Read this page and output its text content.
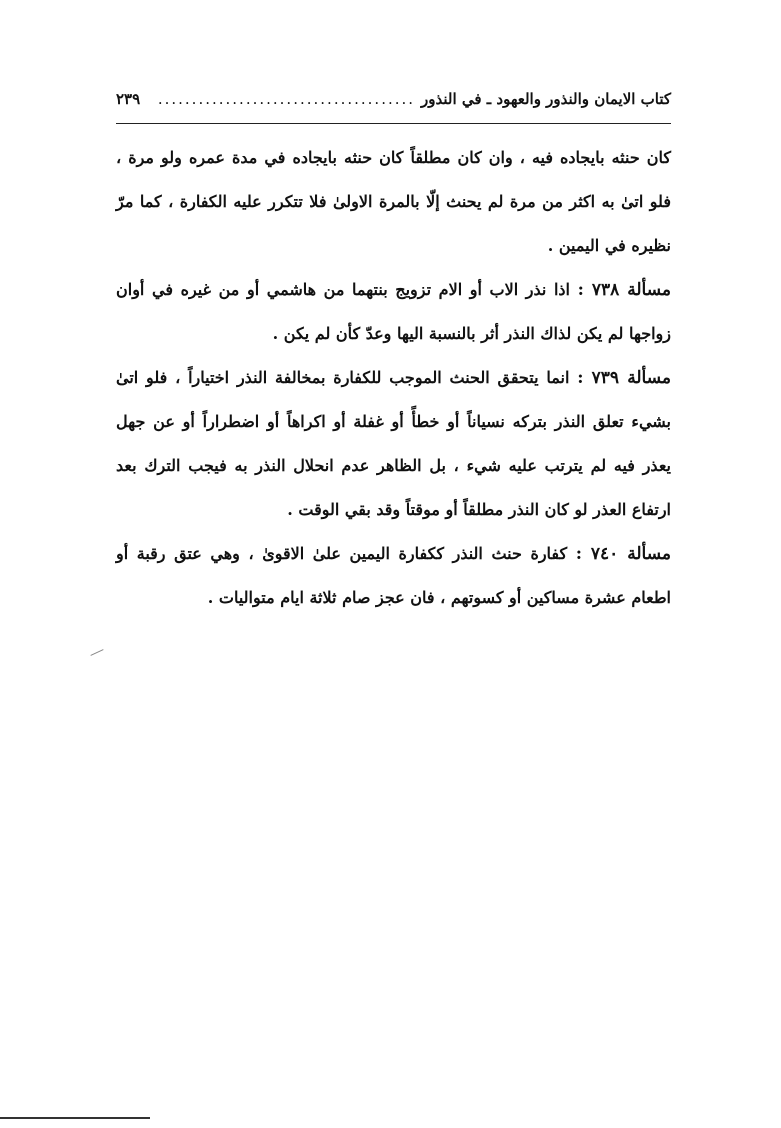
كتاب الايمان والنذور والعهود ـ في النذور
......................................
٢٣٩

كان حنثه بايجاده فيه ، وان كان مطلقاً كان حنثه بايجاده في مدة عمره ولو مرة ، فلو اتىٰ به اكثر من مرة لم يحنث إلّا بالمرة الاولىٰ فلا تتكرر عليه الكفارة ، كما مرّ نظيره في اليمين .

مسألة ٧٣٨ : اذا نذر الاب أو الام تزويج بنتهما من هاشمي أو من غيره في أوان زواجها لم يكن لذاك النذر أثر بالنسبة اليها وعدّ كأن لم يكن .

مسألة ٧٣٩ : انما يتحقق الحنث الموجب للكفارة بمخالفة النذر اختياراً ، فلو اتىٰ بشيء تعلق النذر بتركه نسياناً أو خطأً أو غفلة أو اكراهاً أو اضطراراً أو عن جهل يعذر فيه لم يترتب عليه شيء ، بل الظاهر عدم انحلال النذر به فيجب الترك بعد ارتفاع العذر لو كان النذر مطلقاً أو موقتاً وقد بقي الوقت .

مسألة ٧٤٠ : كفارة حنث النذر ككفارة اليمين علىٰ الاقوىٰ ، وهي عتق رقبة أو اطعام عشرة مساكين أو كسوتهم ، فان عجز صام ثلاثة ايام متواليات .
